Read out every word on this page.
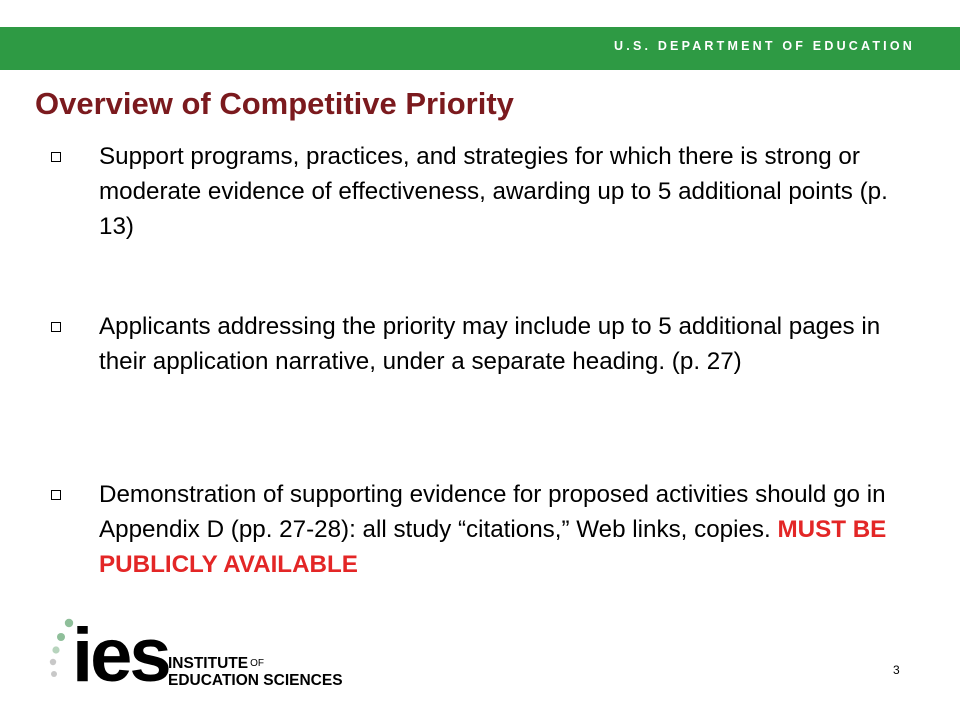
U.S. DEPARTMENT OF EDUCATION
Overview of Competitive Priority

Support programs, practices, and strategies for which there is strong or moderate evidence of effectiveness, awarding up to 5 additional points (p. 13)

Applicants addressing the priority may include up to 5 additional pages in their application narrative, under a separate heading. (p. 27)

Demonstration of supporting evidence for proposed activities should go in Appendix D (pp. 27-28): all study “citations,” Web links, copies. MUST BE PUBLICLY AVAILABLE

ies INSTITUTE $^{OF}$
EDUCATION SCIENCES
3
